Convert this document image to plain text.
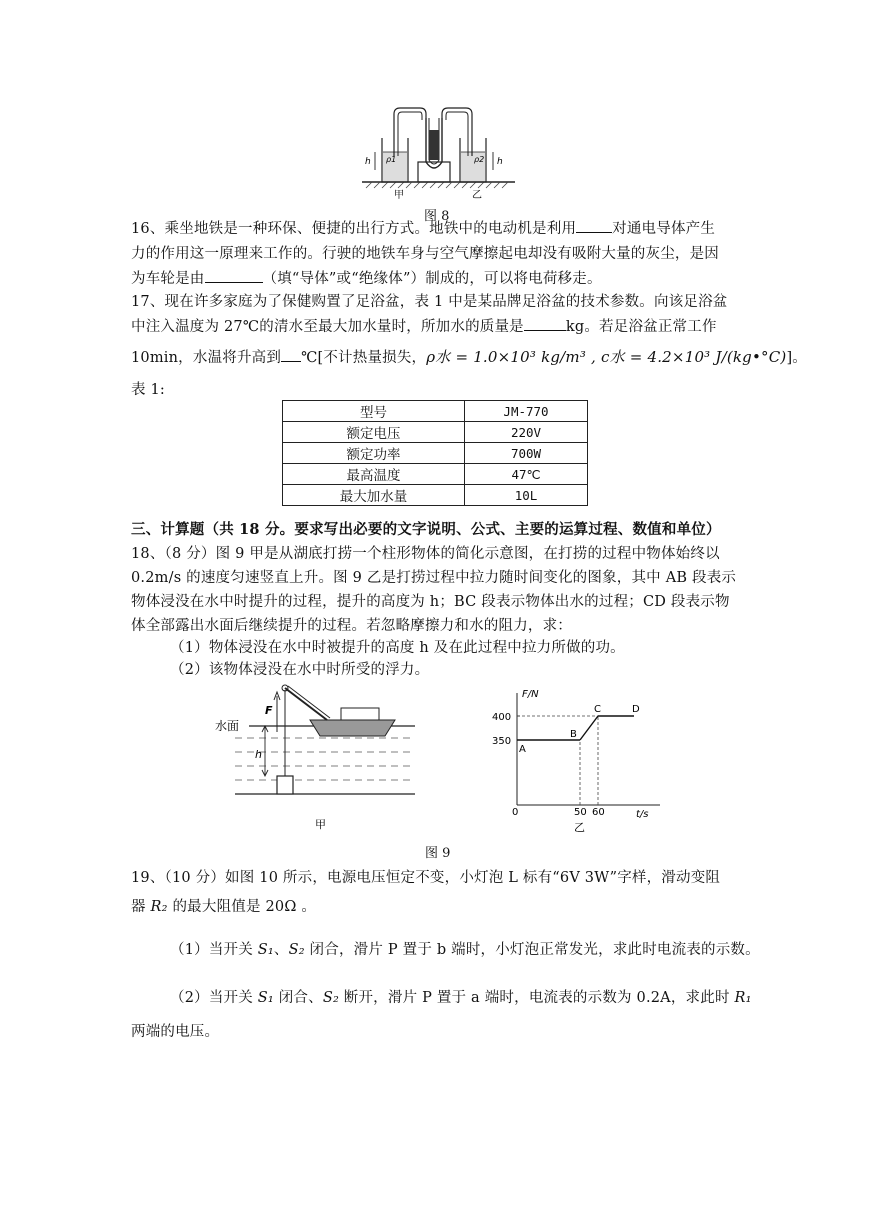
h	h
ρ1	ρ2
甲	乙
图 8
16、乘坐地铁是一种环保、便捷的出行方式。地铁中的电动机是利用 对通电导体产生
力的作用这一原理来工作的。行驶的地铁车身与空气摩擦起电却没有吸附大量的灰尘，是因
为车轮是由	（填“导体”或“绝缘体”）制成的，可以将电荷移走。
17、现在许多家庭为了保健购置了足浴盆，表 1 中是某品牌足浴盆的技术参数。向该足浴盆
中注入温度为 27℃的清水至最大加水量时，所加水的质量是	kg。若足浴盆正常工作
10min，水温将升高到 ℃[不计热量损失，ρ水 = 1.0×10³ kg/m³ , c水 = 4.2×10³ J/(kg•°C)]。
表 1:
型号	JM-770
额定电压	220V
额定功率	700W
最高温度	47℃
最大加水量	10L
三、计算题（共 18 分。要求写出必要的文字说明、公式、主要的运算过程、数值和单位）
18、（8 分）图 9 甲是从湖底打捞一个柱形物体的简化示意图，在打捞的过程中物体始终以
0.2m/s 的速度匀速竖直上升。图 9 乙是打捞过程中拉力随时间变化的图象，其中 AB 段表示
物体浸没在水中时提升的过程，提升的高度为 h；BC 段表示物体出水的过程；CD 段表示物
体全部露出水面后继续提升的过程。若忽略摩擦力和水的阻力，求：
（1）物体浸没在水中时被提升的高度 h 及在此过程中拉力所做的功。
（2）该物体浸没在水中时所受的浮力。
水面
F
h
甲
F/N
t/s
0
乙
350
400
50 60
A
B
C	D
图 9
19、（10 分）如图 10 所示，电源电压恒定不变，小灯泡 L 标有“6V 3W”字样，滑动变阻
器 R₂ 的最大阻值是 20Ω 。
（1）当开关 S₁、S₂ 闭合，滑片 P 置于 b 端时，小灯泡正常发光，求此时电流表的示数。
（2）当开关 S₁ 闭合、S₂ 断开，滑片 P 置于 a 端时，电流表的示数为 0.2A，求此时 R₁
两端的电压。
